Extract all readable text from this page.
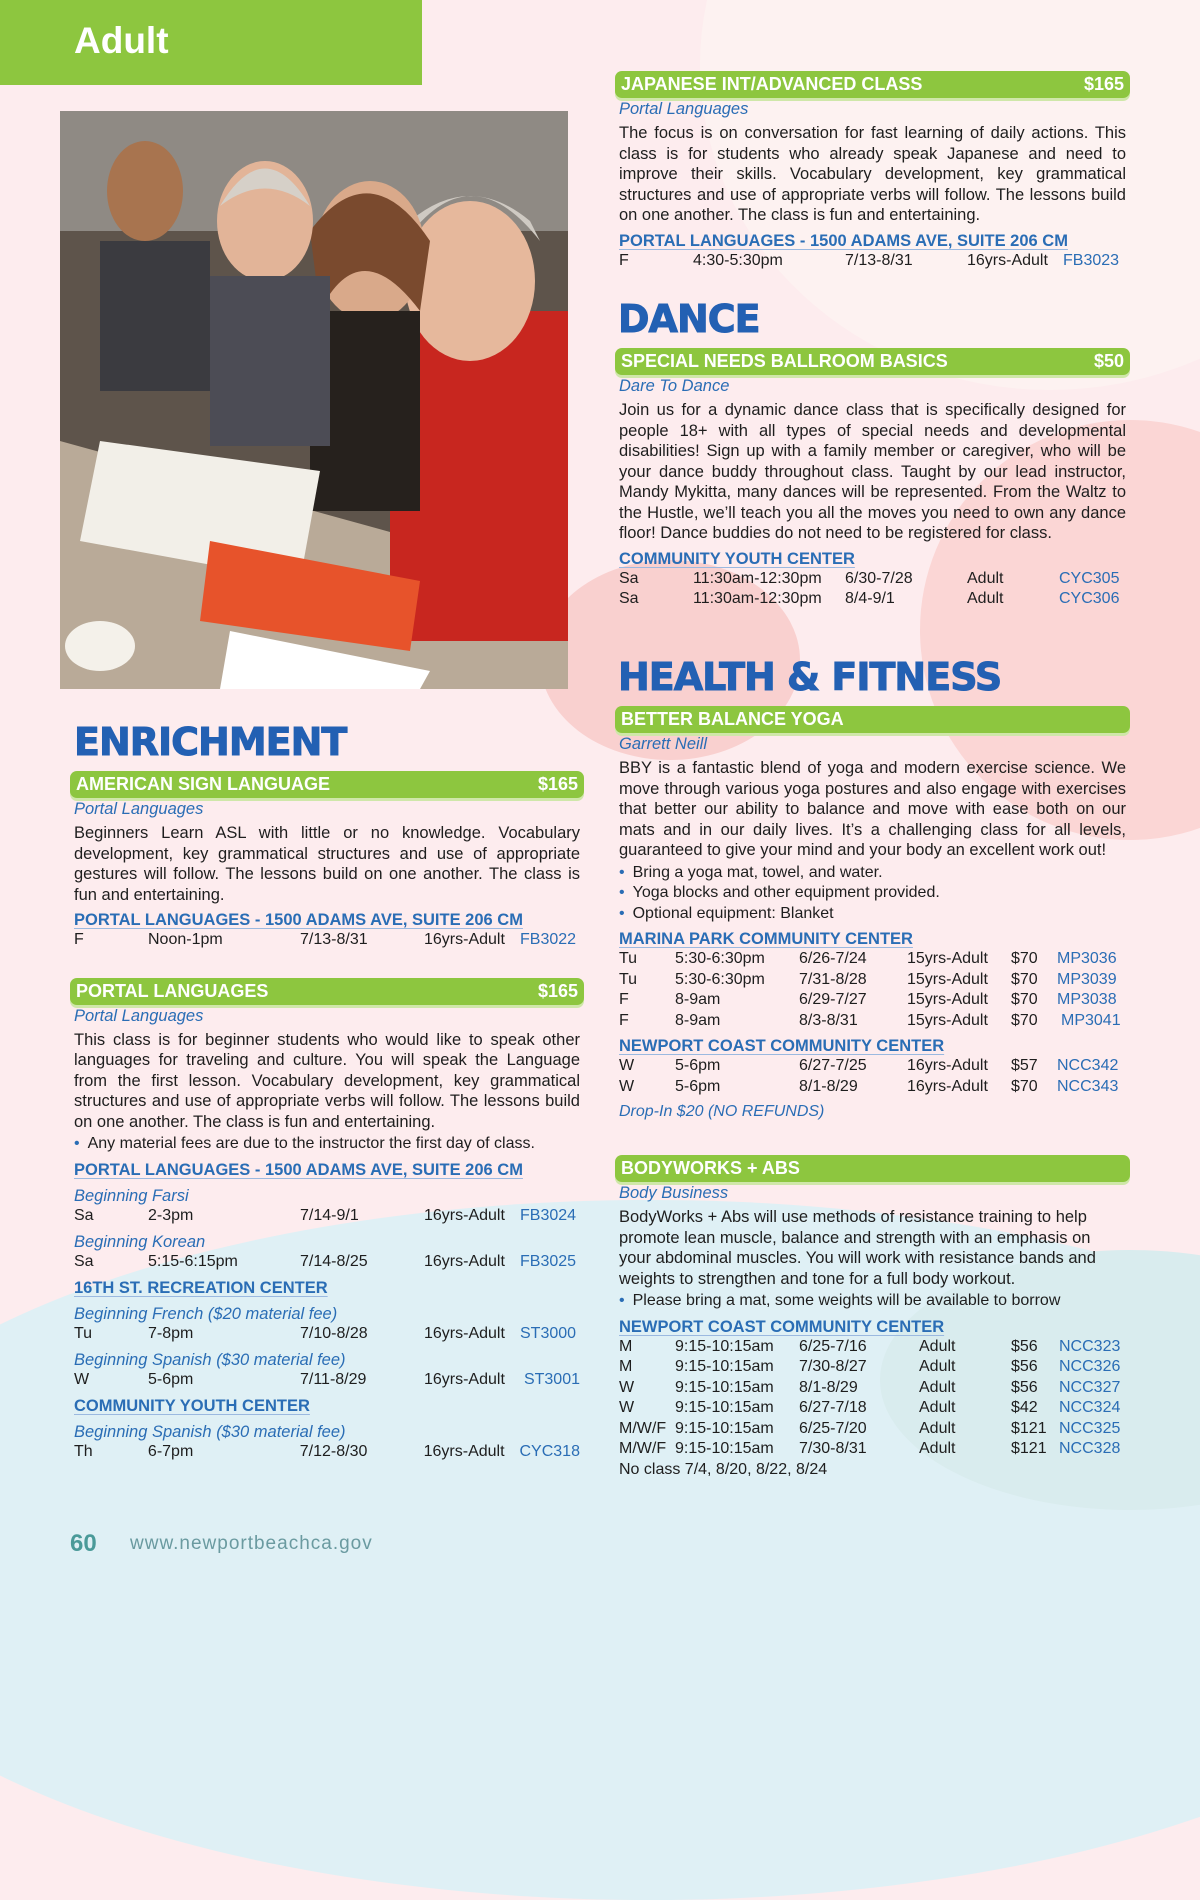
Adult
ENRICHMENT
AMERICAN SIGN LANGUAGE	$165
Portal Languages
Beginners Learn ASL with little or no knowledge. Vocabulary development, key grammatical structures and use of appropriate gestures will follow. The lessons build on one another. The class is fun and entertaining.
PORTAL LANGUAGES - 1500 ADAMS AVE, SUITE 206 CM
F	Noon-1pm	7/13-8/31	16yrs-Adult FB3022
PORTAL LANGUAGES	$165
Portal Languages
This class is for beginner students who would like to speak other languages for traveling and culture. You will speak the Language from the first lesson. Vocabulary development, key grammatical structures and use of appropriate verbs will follow. The lessons build on one another. The class is fun and entertaining.
• Any material fees are due to the instructor the first day of class.
PORTAL LANGUAGES - 1500 ADAMS AVE, SUITE 206 CM
Beginning Farsi
Sa	2-3pm	7/14-9/1	16yrs-Adult FB3024
Beginning Korean
Sa	5:15-6:15pm	7/14-8/25	16yrs-Adult FB3025
16TH ST. RECREATION CENTER
Beginning French ($20 material fee)
Tu	7-8pm	7/10-8/28	16yrs-Adult ST3000
Beginning Spanish ($30 material fee)
W	5-6pm	7/11-8/29	16yrs-Adult	ST3001
COMMUNITY YOUTH CENTER
Beginning Spanish ($30 material fee)
Th	6-7pm	7/12-8/30	16yrs-Adult CYC318
JAPANESE INT/ADVANCED CLASS	$165
Portal Languages
The focus is on conversation for fast learning of daily actions. This class is for students who already speak Japanese and need to improve their skills. Vocabulary development, key grammatical structures and use of appropriate verbs will follow. The lessons build on one another. The class is fun and entertaining.
PORTAL LANGUAGES - 1500 ADAMS AVE, SUITE 206 CM
F	4:30-5:30pm	7/13-8/31	16yrs-Adult FB3023
DANCE
SPECIAL NEEDS BALLROOM BASICS	$50
Dare To Dance
Join us for a dynamic dance class that is specifically designed for people 18+ with all types of special needs and developmental disabilities! Sign up with a family member or caregiver, who will be your dance buddy throughout class. Taught by our lead instructor, Mandy Mykitta, many dances will be represented. From the Waltz to the Hustle, we’ll teach you all the moves you need to own any dance floor! Dance buddies do not need to be registered for class.
COMMUNITY YOUTH CENTER
Sa	11:30am-12:30pm	6/30-7/28	Adult	CYC305
Sa	11:30am-12:30pm	8/4-9/1	Adult	CYC306
HEALTH & FITNESS
BETTER BALANCE YOGA
Garrett Neill
BBY is a fantastic blend of yoga and modern exercise science. We move through various yoga postures and also engage with exercises that better our ability to balance and move with ease both on our mats and in our daily lives. It’s a challenging class for all levels, guaranteed to give your mind and your body an excellent work out!
• Bring a yoga mat, towel, and water.
• Yoga blocks and other equipment provided.
• Optional equipment: Blanket
MARINA PARK COMMUNITY CENTER
Tu	5:30-6:30pm	6/26-7/24	15yrs-Adult	$70	MP3036
Tu	5:30-6:30pm	7/31-8/28	15yrs-Adult	$70	MP3039
F	8-9am	6/29-7/27	15yrs-Adult	$70	MP3038
F	8-9am	8/3-8/31	15yrs-Adult	$70	MP3041
NEWPORT COAST COMMUNITY CENTER
W	5-6pm	6/27-7/25	16yrs-Adult	$57	NCC342
W	5-6pm	8/1-8/29	16yrs-Adult	$70	NCC343
Drop-In $20 (NO REFUNDS)
BODYWORKS + ABS
Body Business
BodyWorks + Abs will use methods of resistance training to help promote lean muscle, balance and strength with an emphasis on your abdominal muscles. You will work with resistance bands and weights to strengthen and tone for a full body workout.
• Please bring a mat, some weights will be available to borrow
NEWPORT COAST COMMUNITY CENTER
M	9:15-10:15am	6/25-7/16	Adult	$56	NCC323
M	9:15-10:15am	7/30-8/27	Adult	$56	NCC326
W	9:15-10:15am	8/1-8/29	Adult	$56	NCC327
W	9:15-10:15am	6/27-7/18	Adult	$42	NCC324
M/W/F 9:15-10:15am	6/25-7/20	Adult	$121 NCC325
M/W/F 9:15-10:15am	7/30-8/31	Adult	$121 NCC328
No class 7/4, 8/20, 8/22, 8/24
60 www.newportbeachca.gov
